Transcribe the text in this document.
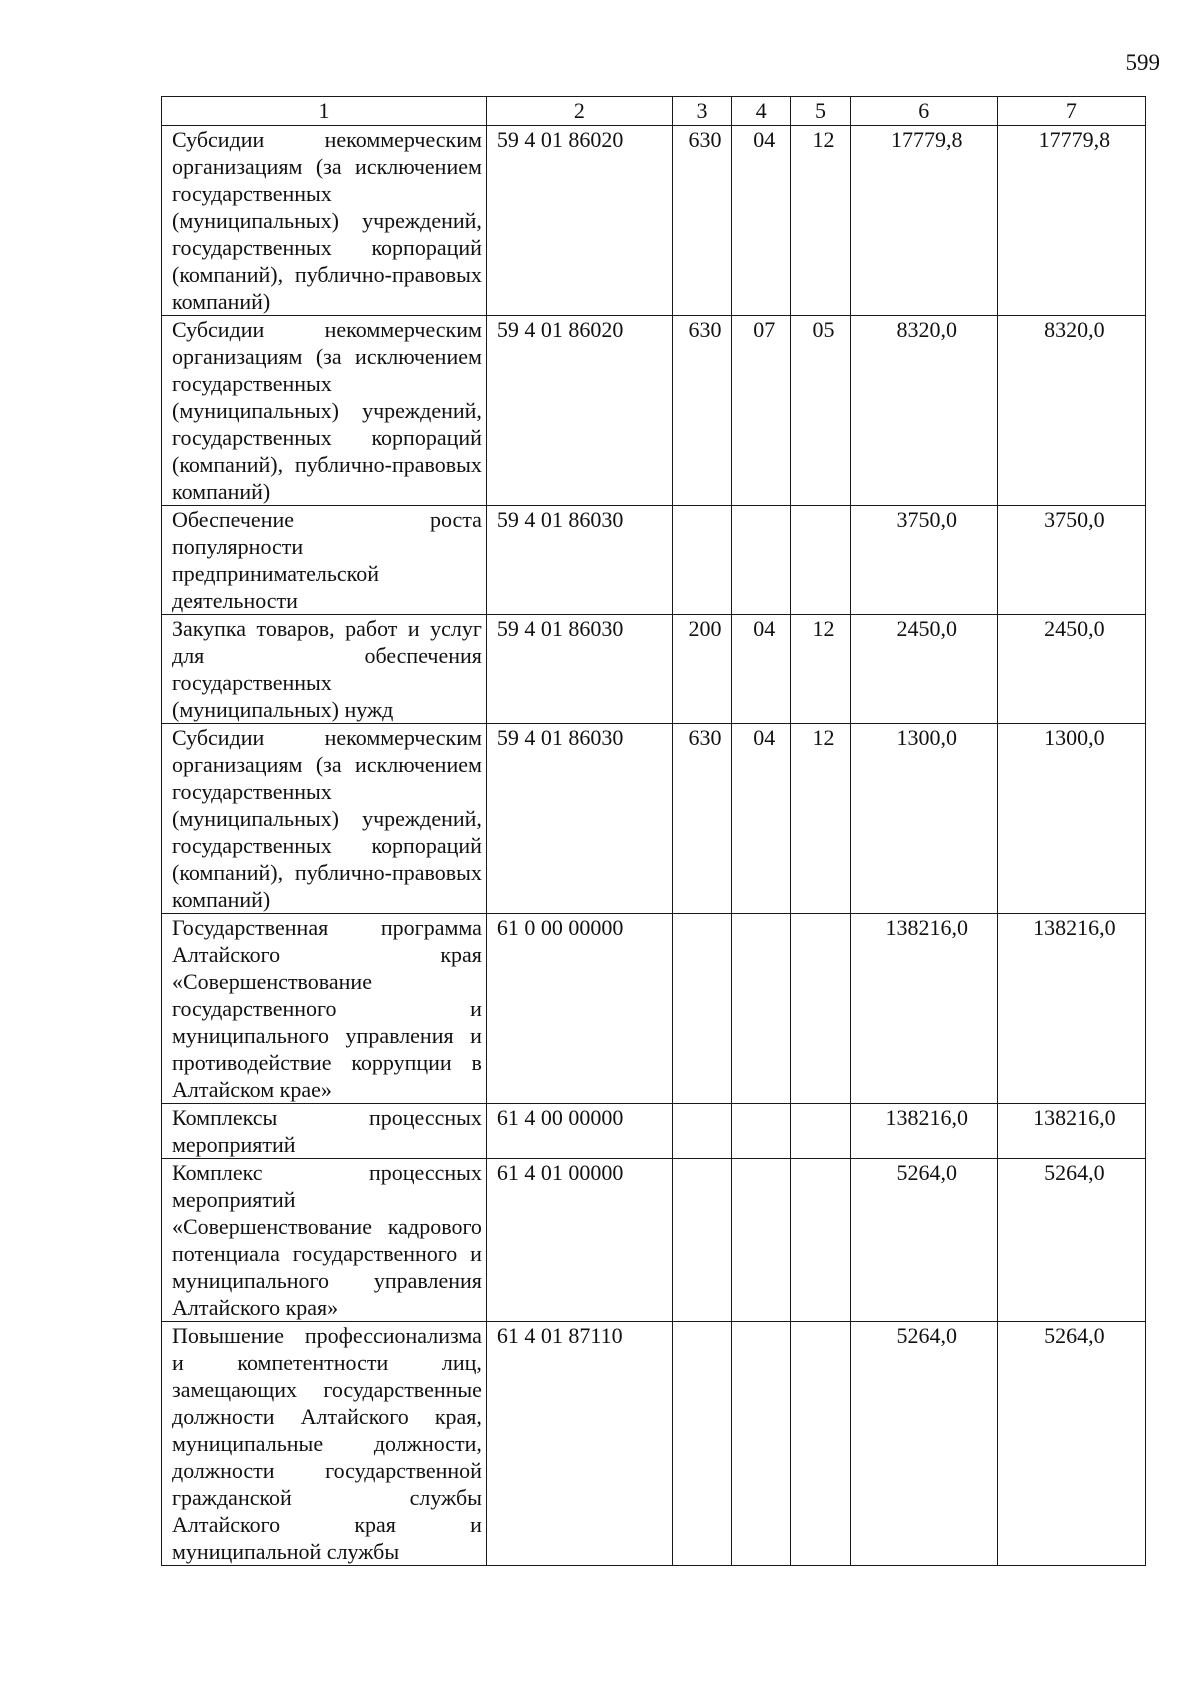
599
1	2	3	4	5	6	7
Субсидии некоммерческим организациям (за исключением государственных (муниципальных) учреждений, государственных корпораций (компаний), публично-правовых компаний)	59 4 01 86020	630	04	12	17779,8	17779,8
Субсидии некоммерческим организациям (за исключением государственных (муниципальных) учреждений, государственных корпораций (компаний), публично-правовых компаний)	59 4 01 86020	630	07	05	8320,0	8320,0
Обеспечение роста популярности предпринимательской деятельности	59 4 01 86030				3750,0	3750,0
Закупка товаров, работ и услуг для обеспечения государственных (муниципальных) нужд	59 4 01 86030	200	04	12	2450,0	2450,0
Субсидии некоммерческим организациям (за исключением государственных (муниципальных) учреждений, государственных корпораций (компаний), публично-правовых компаний)	59 4 01 86030	630	04	12	1300,0	1300,0
Государственная программа Алтайского края «Совершенствование государственного и муниципального управления и противодействие коррупции в Алтайском крае»	61 0 00 00000				138216,0	138216,0
Комплексы процессных мероприятий	61 4 00 00000				138216,0	138216,0
Комплекс процессных мероприятий «Совершенствование кадрового потенциала государственного и муниципального управления Алтайского края»	61 4 01 00000				5264,0	5264,0
Повышение профессионализма и компетентности лиц, замещающих государственные должности Алтайского края, муниципальные должности, должности государственной гражданской службы Алтайского края и муниципальной службы	61 4 01 87110				5264,0	5264,0
